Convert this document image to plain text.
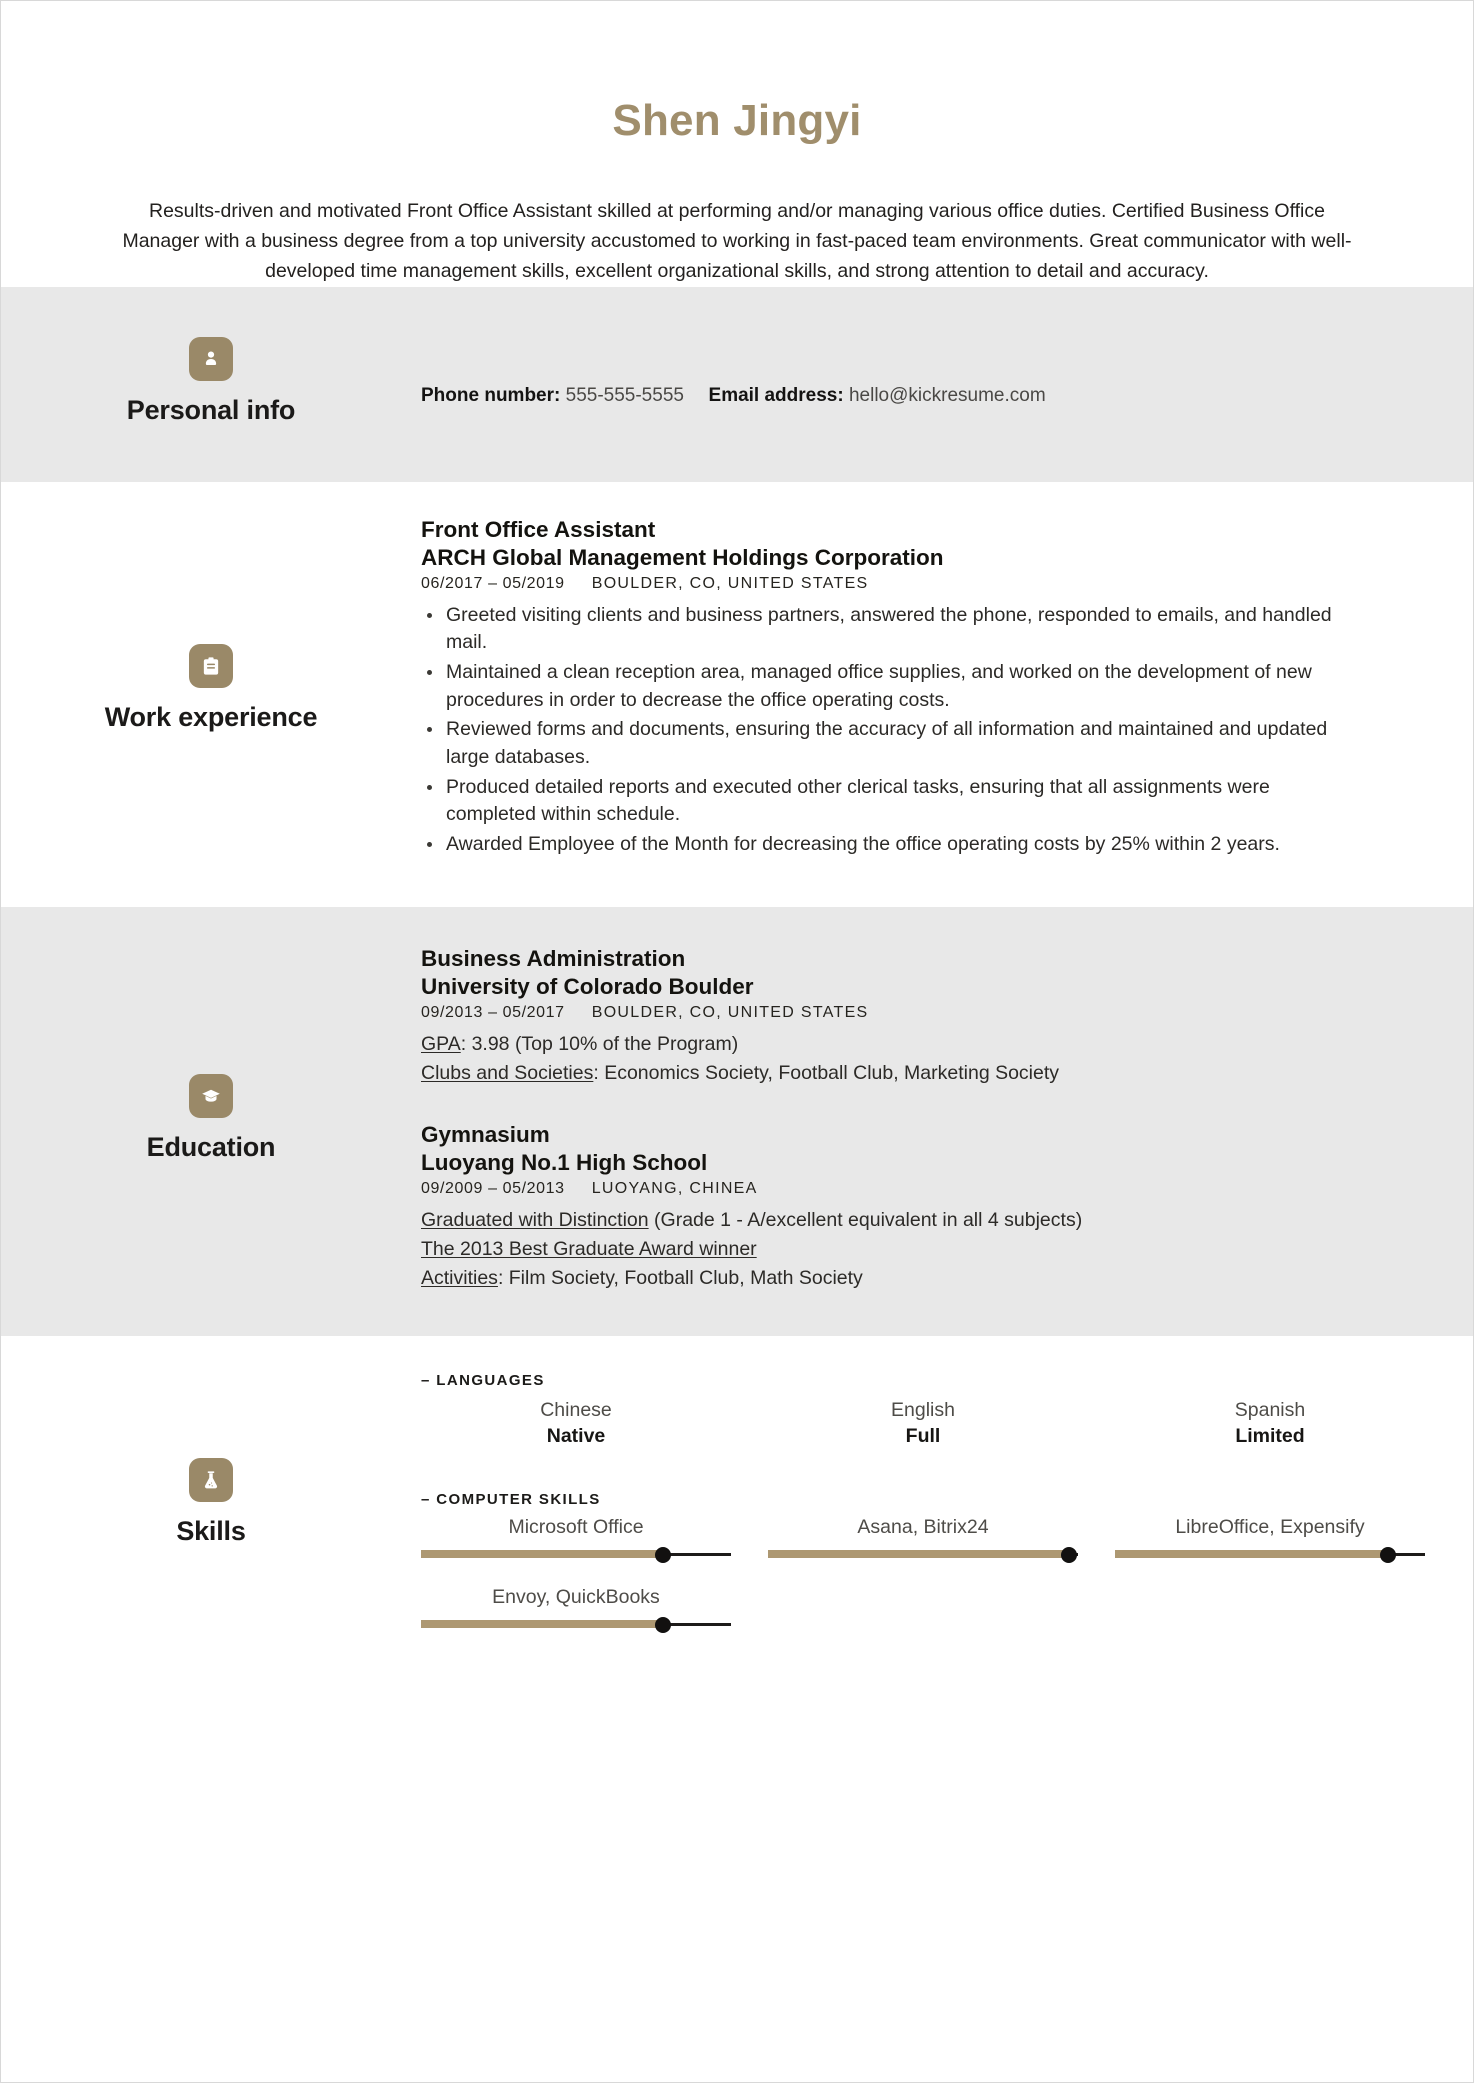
Shen Jingyi
Results-driven and motivated Front Office Assistant skilled at performing and/or managing various office duties. Certified Business Office Manager with a business degree from a top university accustomed to working in fast-paced team environments. Great communicator with well-developed time management skills, excellent organizational skills, and strong attention to detail and accuracy.
Personal info	Phone number: 555-555-5555 Email address: hello@kickresume.com
Work experience
Front Office Assistant
ARCH Global Management Holdings Corporation
06/2017 – 05/2019 BOULDER, CO, UNITED STATES
Greeted visiting clients and business partners, answered the phone, responded to emails, and handled mail.
Maintained a clean reception area, managed office supplies, and worked on the development of new procedures in order to decrease the office operating costs.
Reviewed forms and documents, ensuring the accuracy of all information and maintained and updated large databases.
Produced detailed reports and executed other clerical tasks, ensuring that all assignments were completed within schedule.
Awarded Employee of the Month for decreasing the office operating costs by 25% within 2 years.
Education
Business Administration
University of Colorado Boulder
09/2013 – 05/2017 BOULDER, CO, UNITED STATES
GPA: 3.98 (Top 10% of the Program)
Clubs and Societies: Economics Society, Football Club, Marketing Society
Gymnasium
Luoyang No.1 High School
09/2009 – 05/2013 LUOYANG, CHINEA
Graduated with Distinction (Grade 1 - A/excellent equivalent in all 4 subjects)
The 2013 Best Graduate Award winner
Activities: Film Society, Football Club, Math Society
Skills
– LANGUAGES
Chinese
Native
English
Full
Spanish
Limited
– COMPUTER SKILLS
Microsoft Office	Asana, Bitrix24	LibreOffice, Expensify
Envoy, QuickBooks
